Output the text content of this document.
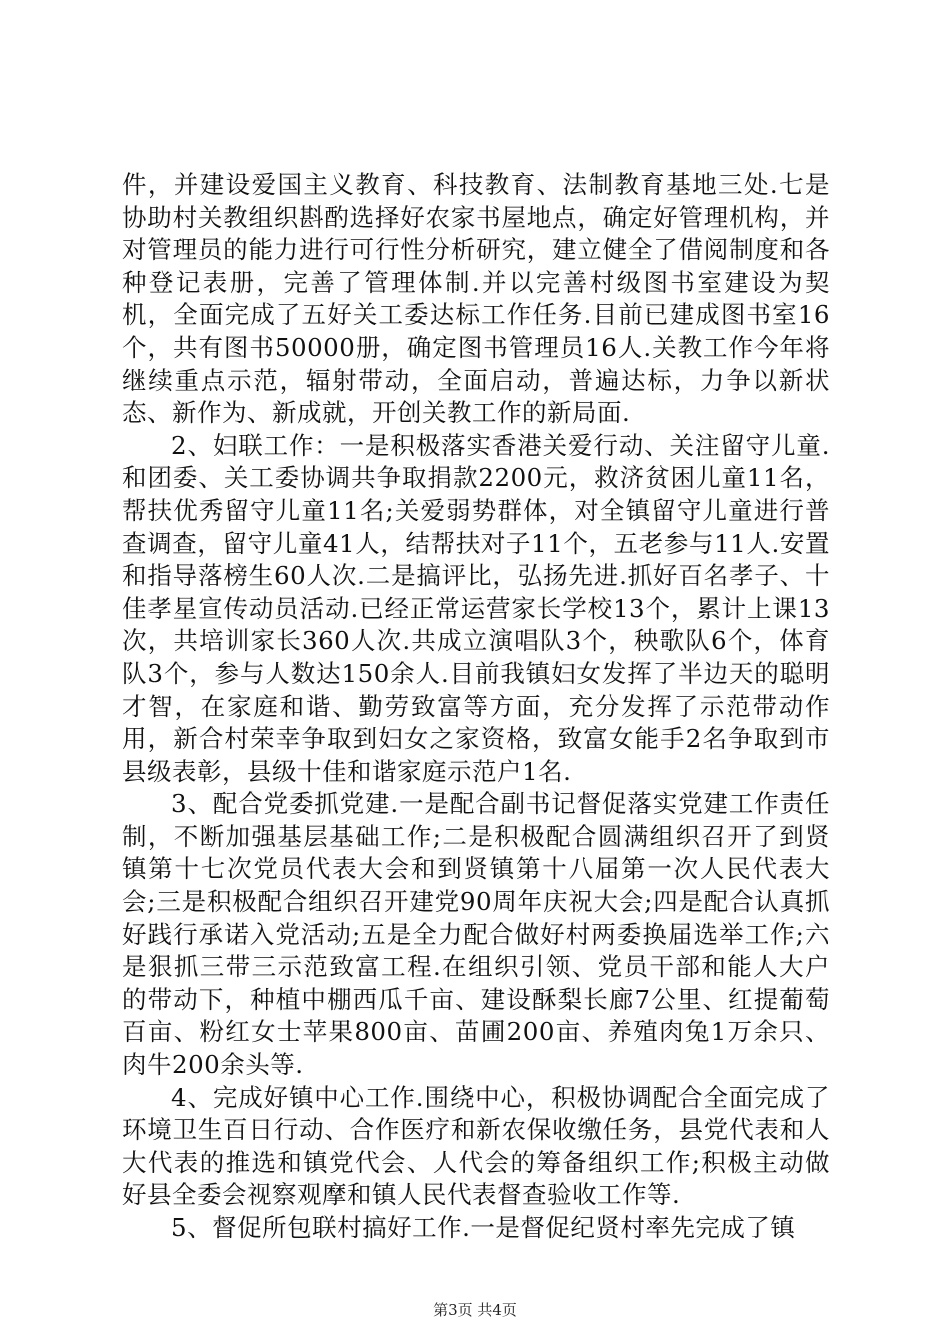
件，并建设爱国主义教育、科技教育、法制教育基地三处.七是协助村关教组织斟酌选择好农家书屋地点，确定好管理机构，并对管理员的能力进行可行性分析研究，建立健全了借阅制度和各种登记表册，完善了管理体制.并以完善村级图书室建设为契机，全面完成了五好关工委达标工作任务.目前已建成图书室16个，共有图书50000册，确定图书管理员16人.关教工作今年将继续重点示范，辐射带动，全面启动，普遍达标，力争以新状态、新作为、新成就，开创关教工作的新局面.

2、妇联工作：一是积极落实香港关爱行动、关注留守儿童.和团委、关工委协调共争取捐款2200元，救济贫困儿童11名，帮扶优秀留守儿童11名;关爱弱势群体，对全镇留守儿童进行普查调查，留守儿童41人，结帮扶对子11个，五老参与11人.安置和指导落榜生60人次.二是搞评比，弘扬先进.抓好百名孝子、十佳孝星宣传动员活动.已经正常运营家长学校13个，累计上课13次，共培训家长360人次.共成立演唱队3个，秧歌队6个，体育队3个，参与人数达150余人.目前我镇妇女发挥了半边天的聪明才智，在家庭和谐、勤劳致富等方面，充分发挥了示范带动作用，新合村荣幸争取到妇女之家资格，致富女能手2名争取到市县级表彰，县级十佳和谐家庭示范户1名.

3、配合党委抓党建.一是配合副书记督促落实党建工作责任制，不断加强基层基础工作;二是积极配合圆满组织召开了到贤镇第十七次党员代表大会和到贤镇第十八届第一次人民代表大会;三是积极配合组织召开建党90周年庆祝大会;四是配合认真抓好践行承诺入党活动;五是全力配合做好村两委换届选举工作;六是狠抓三带三示范致富工程.在组织引领、党员干部和能人大户的带动下，种植中棚西瓜千亩、建设酥梨长廊7公里、红提葡萄百亩、粉红女士苹果800亩、苗圃200亩、养殖肉兔1万余只、肉牛200余头等.

4、完成好镇中心工作.围绕中心，积极协调配合全面完成了环境卫生百日行动、合作医疗和新农保收缴任务，县党代表和人大代表的推选和镇党代会、人代会的筹备组织工作;积极主动做好县全委会视察观摩和镇人民代表督查验收工作等.

5、督促所包联村搞好工作.一是督促纪贤村率先完成了镇

第3页 共4页
